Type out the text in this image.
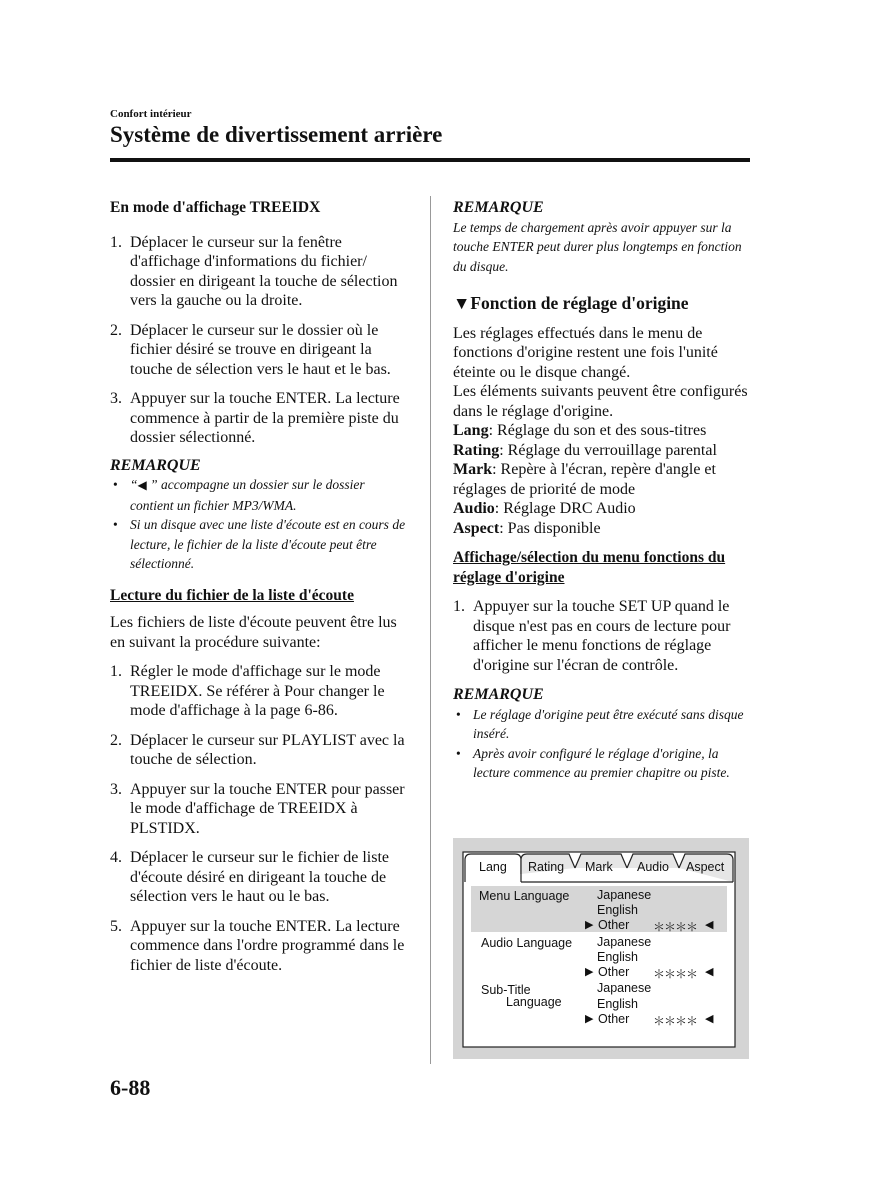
Confort intérieur
Système de divertissement arrière

En mode d'affichage TREEIDX

1. Déplacer le curseur sur la fenêtre d'affichage d'informations du fichier/ dossier en dirigeant la touche de sélection vers la gauche ou la droite.
2. Déplacer le curseur sur le dossier où le fichier désiré se trouve en dirigeant la touche de sélection vers le haut et le bas.
3. Appuyer sur la touche ENTER. La lecture commence à partir de la première piste du dossier sélectionné.

REMARQUE

• “◀ ” accompagne un dossier sur le dossier contient un fichier MP3/WMA.
• Si un disque avec une liste d'écoute est en cours de lecture, le fichier de la liste d'écoute peut être sélectionné.

Lecture du fichier de la liste d'écoute

Les fichiers de liste d'écoute peuvent être lus en suivant la procédure suivante:

1. Régler le mode d'affichage sur le mode TREEIDX. Se référer à Pour changer le mode d'affichage à la page 6-86.
2. Déplacer le curseur sur PLAYLIST avec la touche de sélection.
3. Appuyer sur la touche ENTER pour passer le mode d'affichage de TREEIDX à PLSTIDX.
4. Déplacer le curseur sur le fichier de liste d'écoute désiré en dirigeant la touche de sélection vers le haut ou le bas.
5. Appuyer sur la touche ENTER. La lecture commence dans l'ordre programmé dans le fichier de liste d'écoute.

REMARQUE

Le temps de chargement après avoir appuyer sur la touche ENTER peut durer plus longtemps en fonction du disque.

▼Fonction de réglage d'origine

Les réglages effectués dans le menu de fonctions d'origine restent une fois l'unité éteinte ou le disque changé.

Les éléments suivants peuvent être configurés dans le réglage d'origine.

Lang: Réglage du son et des sous-titres
Rating: Réglage du verrouillage parental
Mark: Repère à l'écran, repère d'angle et réglages de priorité de mode
Audio: Réglage DRC Audio
Aspect: Pas disponible

Affichage/sélection du menu fonctions du réglage d'origine

1. Appuyer sur la touche SET UP quand le disque n'est pas en cours de lecture pour afficher le menu fonctions de réglage d'origine sur l'écran de contrôle.

REMARQUE

• Le réglage d'origine peut être exécuté sans disque inséré.
• Après avoir configuré le réglage d'origine, la lecture commence au premier chapitre ou piste.
Lang Rating Mark Audio Aspect
Menu Language Japanese
English
▶ Other ＊＊＊＊ ◀
Audio Language Japanese
English
▶ Other ＊＊＊＊ ◀
Sub-Title
Language
Japanese
English
▶ Other ＊＊＊＊ ◀
6-88
